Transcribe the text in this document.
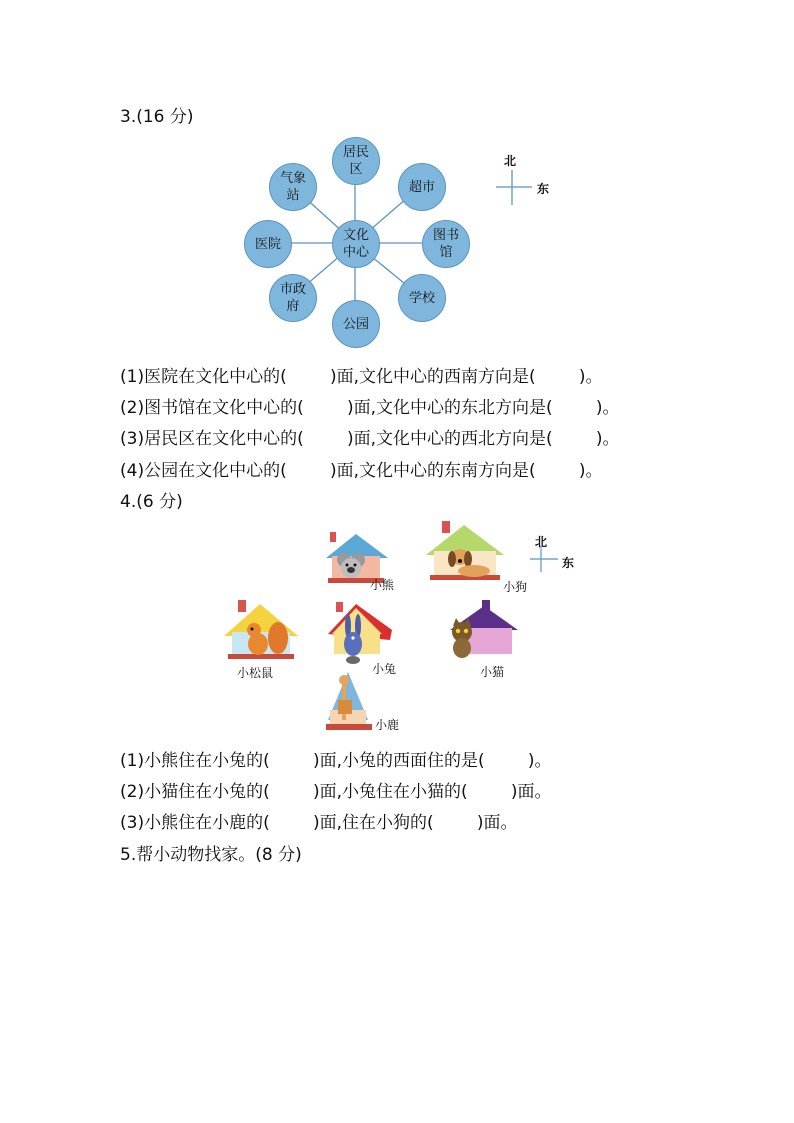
3.(16 分)
文化
中心
居民
区
超市
图书
馆
学校
公园
市政
府
医院
气象
站
北
东
(1)医院在文化中心的(        )面,文化中心的西南方向是(        )。
(2)图书馆在文化中心的(        )面,文化中心的东北方向是(        )。
(3)居民区在文化中心的(        )面,文化中心的西北方向是(        )。
(4)公园在文化中心的(        )面,文化中心的东南方向是(        )。
4.(6 分)
小熊	小狗
北
东
小松鼠	小兔	小猫
小鹿
(1)小熊住在小兔的(        )面,小兔的西面住的是(        )。
(2)小猫住在小兔的(        )面,小兔住在小猫的(        )面。
(3)小熊住在小鹿的(        )面,住在小狗的(        )面。
5.帮小动物找家。(8 分)
